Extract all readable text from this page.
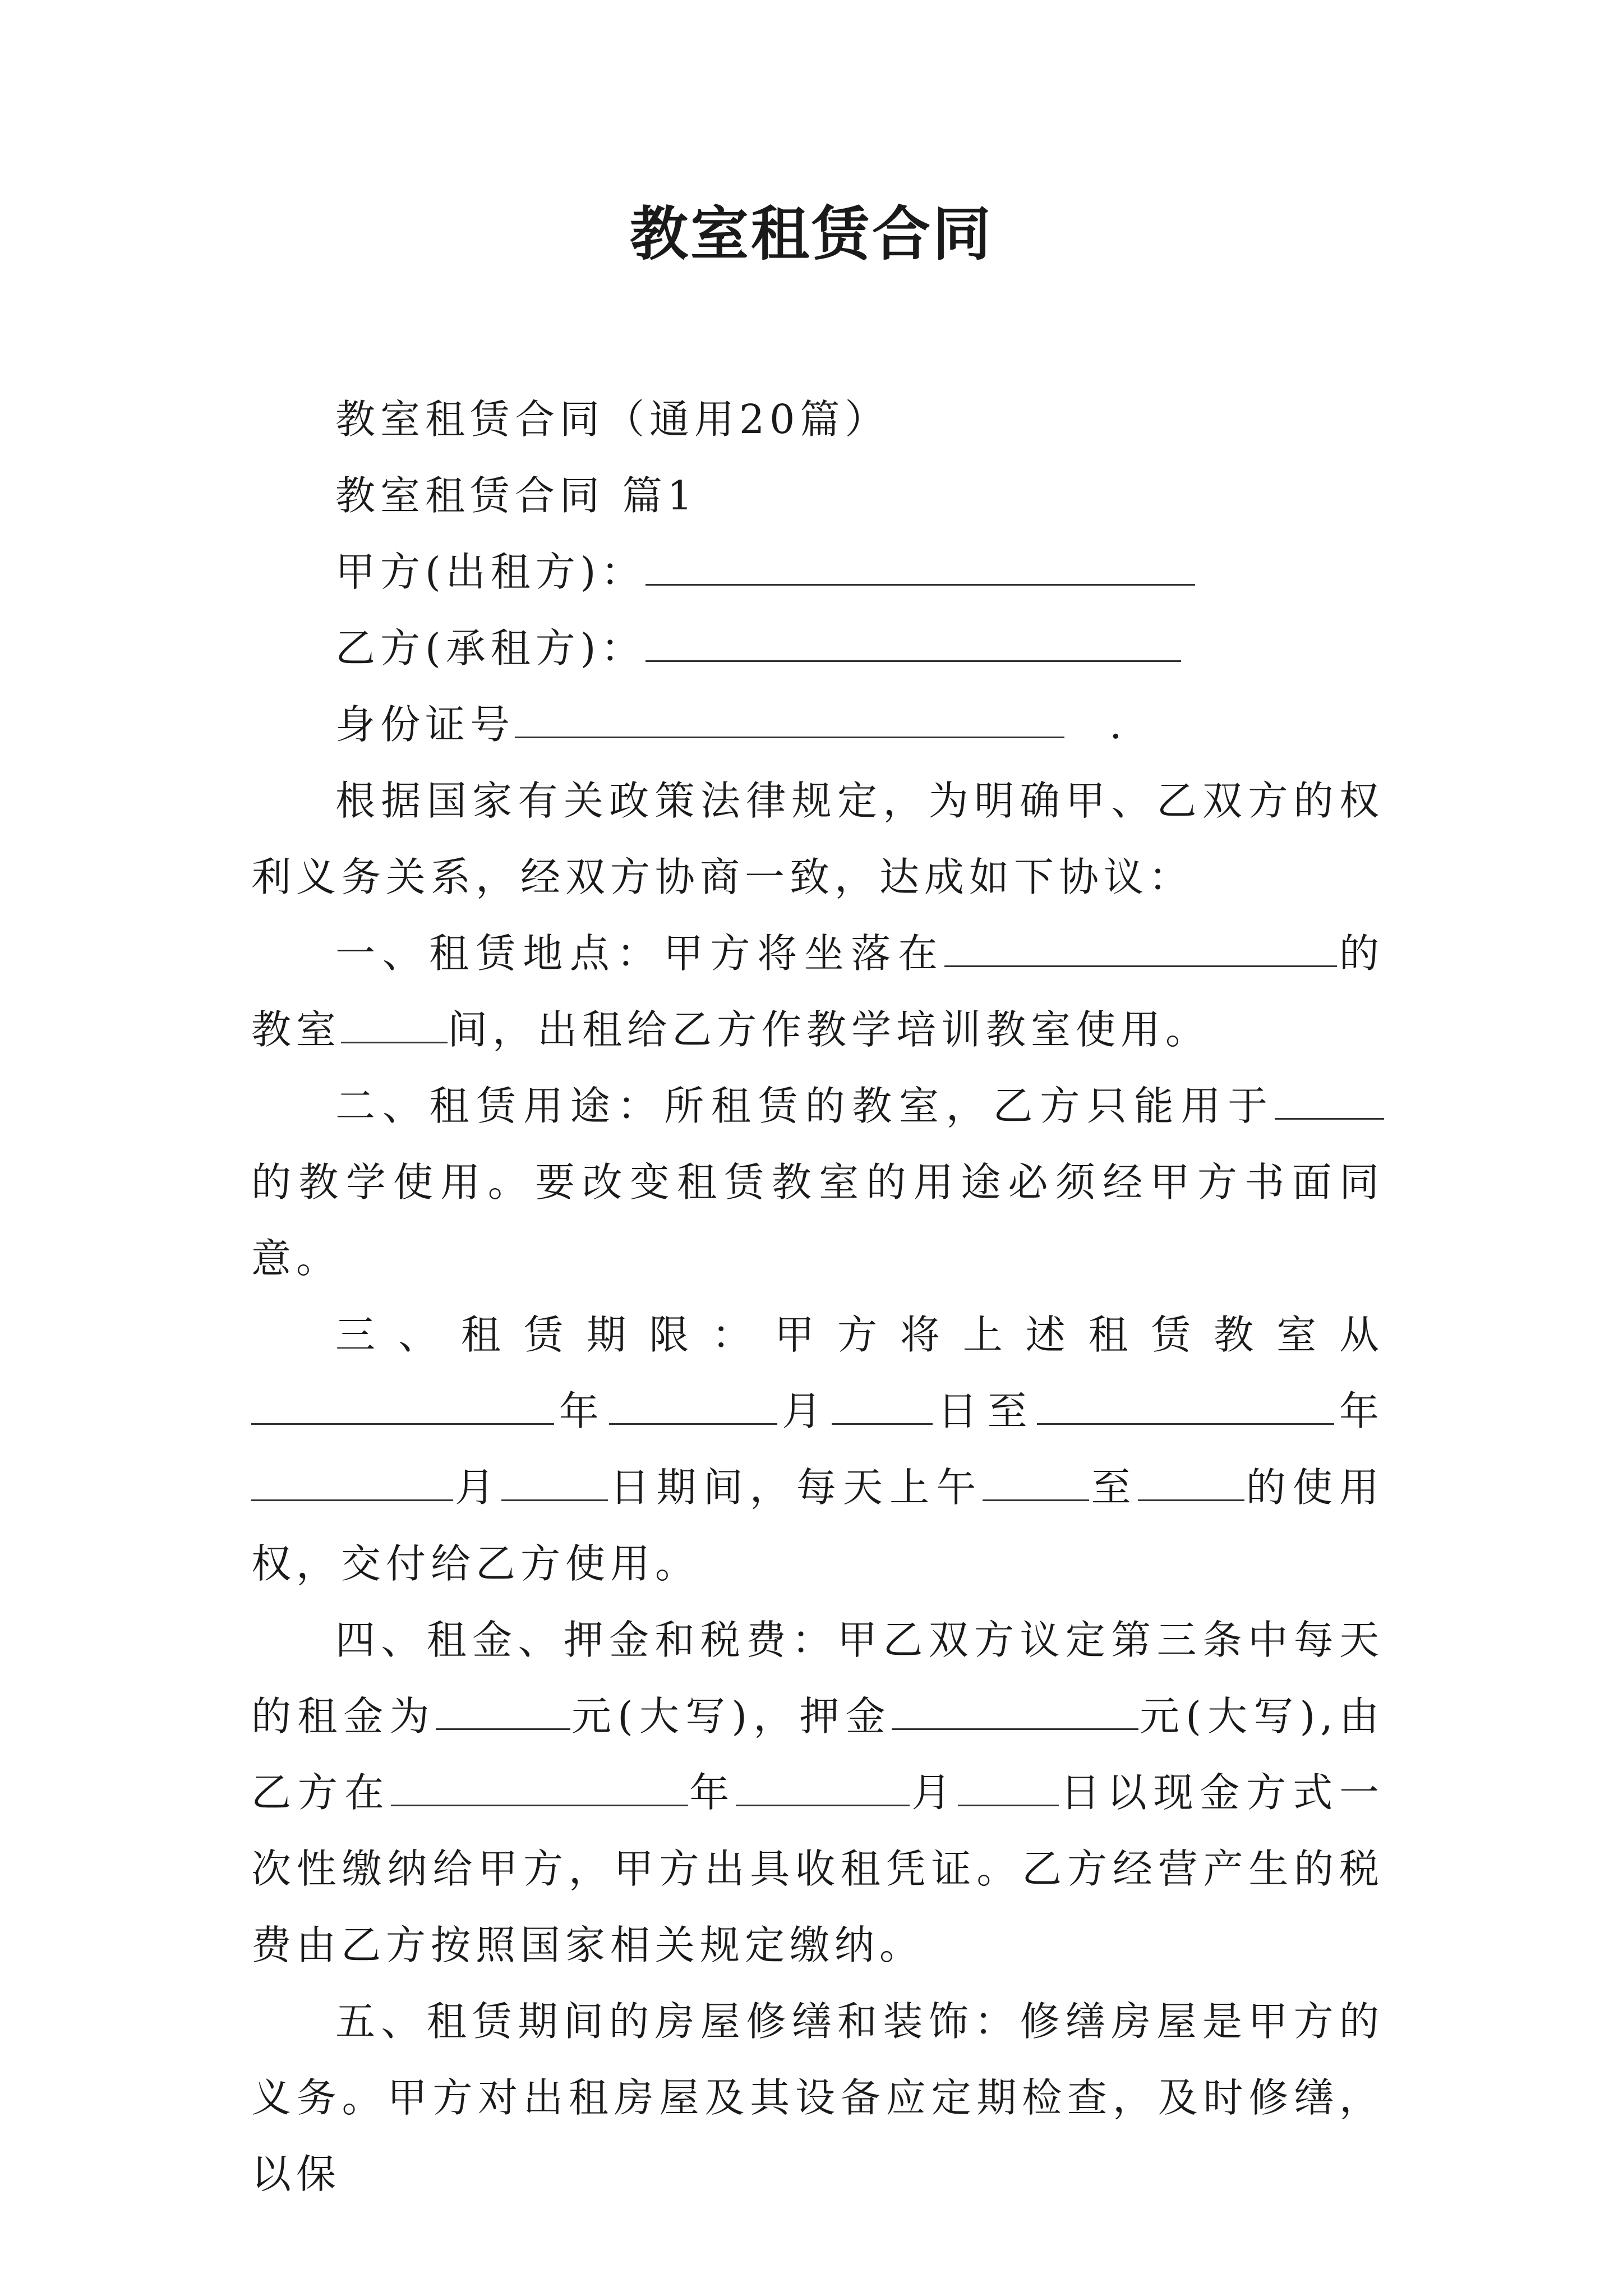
教室租赁合同

教室租赁合同（通用20篇）

教室租赁合同 篇1

甲方(出租方)：

乙方(承租方)：

身份证号	.

根据国家有关政策法律规定，为明确甲、乙双方的权利义务关系，经双方协商一致，达成如下协议：

一、租赁地点：甲方将坐落在	的教室	间，出租给乙方作教学培训教室使用。

二、租赁用途：所租赁的教室，乙方只能用于的教学使用。要改变租赁教室的用途必须经甲方书面同意。

三、租赁期限：甲方将上述租赁教室从年	月	日至	年月	日期间，每天上午	至	的使用权，交付给乙方使用。

四、租金、押金和税费：甲乙双方议定第三条中每天的租金为	元(大写)，押金	元(大写),由乙方在	年	月	日以现金方式一次性缴纳给甲方，甲方出具收租凭证。乙方经营产生的税费由乙方按照国家相关规定缴纳。

五、租赁期间的房屋修缮和装饰：修缮房屋是甲方的义务。甲方对出租房屋及其设备应定期检查，及时修缮，以保
